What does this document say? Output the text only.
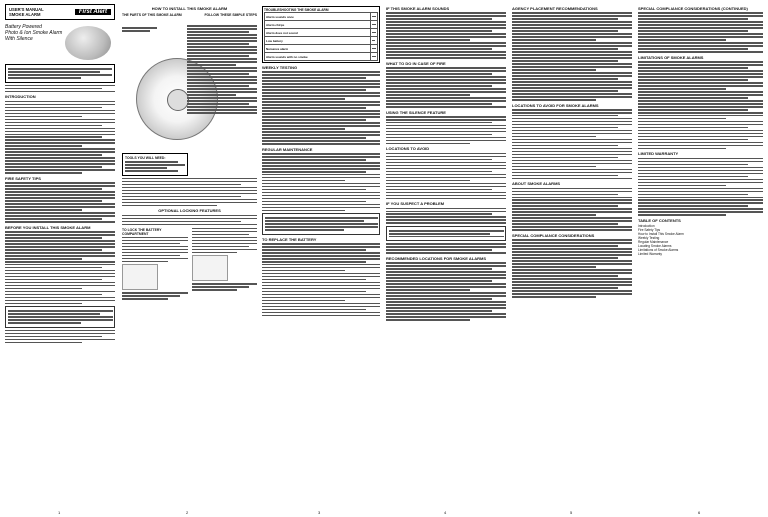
USER'S MANUAL
SMOKE ALARM	First Alert
Battery Powered
Photo & Ion Smoke Alarm
With Silence
INTRODUCTION
FIRE SAFETY TIPS
BEFORE YOU INSTALL THIS SMOKE ALARM
1
HOW TO INSTALL THIS SMOKE ALARM
THE PARTS OF THIS SMOKE ALARM	FOLLOW THESE SIMPLE STEPS
TOOLS YOU WILL NEED:
OPTIONAL LOCKING FEATURES
TO LOCK THE BATTERY COMPARTMENT
2
TROUBLESHOOTING THE SMOKE ALARM
Alarm sounds once	

Alarm chirps	

Alarm does not sound	

Low battery	

Nuisance alarm	

Alarm sounds with no smoke	
WEEKLY TESTING
REGULAR MAINTENANCE
TO REPLACE THE BATTERY
3
IF THIS SMOKE ALARM SOUNDS
WHAT TO DO IN CASE OF FIRE
USING THE SILENCE FEATURE
LOCATIONS TO AVOID
IF YOU SUSPECT A PROBLEM
RECOMMENDED LOCATIONS FOR SMOKE ALARMS
4
AGENCY PLACEMENT RECOMMENDATIONS
LOCATIONS TO AVOID FOR SMOKE ALARMS
ABOUT SMOKE ALARMS
SPECIAL COMPLIANCE CONSIDERATIONS
5
SPECIAL COMPLIANCE CONSIDERATIONS (CONTINUED)
LIMITATIONS OF SMOKE ALARMS
LIMITED WARRANTY
TABLE OF CONTENTS
Introduction
Fire Safety Tips
How to Install This Smoke Alarm
Weekly Testing
Regular Maintenance
Locating Smoke Alarms
Limitations of Smoke Alarms
Limited Warranty
6
